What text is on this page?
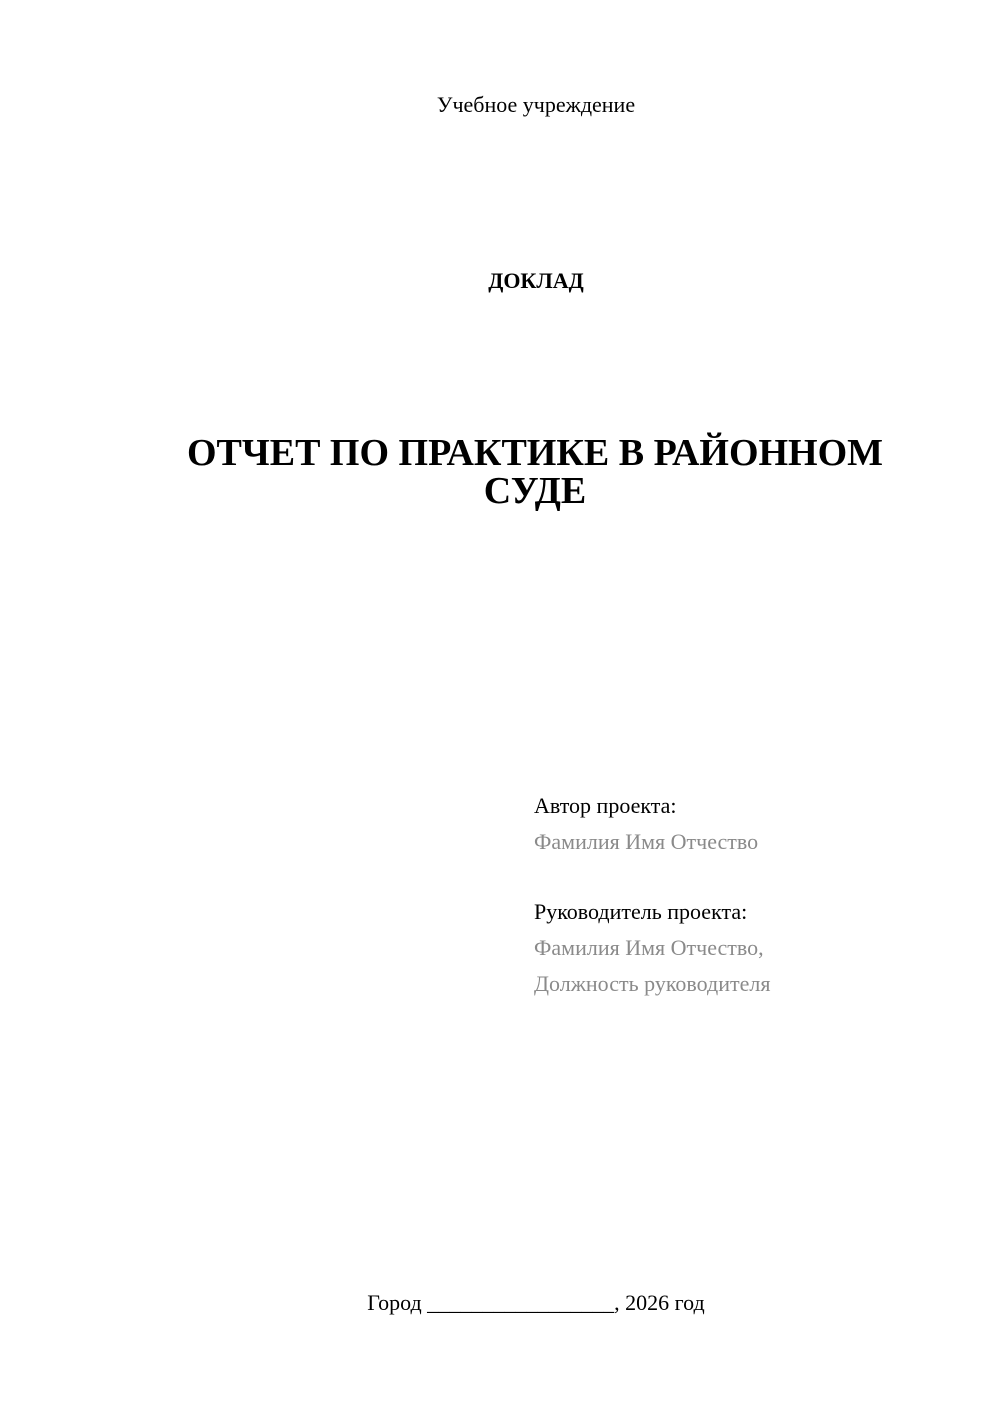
Учебное учреждение
ДОКЛАД
ОТЧЕТ ПО ПРАКТИКЕ В РАЙОННОМ
СУДЕ
Автор проекта:
Фамилия Имя Отчество
Руководитель проекта:
Фамилия Имя Отчество,
Должность руководителя
Город _________________, 2026 год
